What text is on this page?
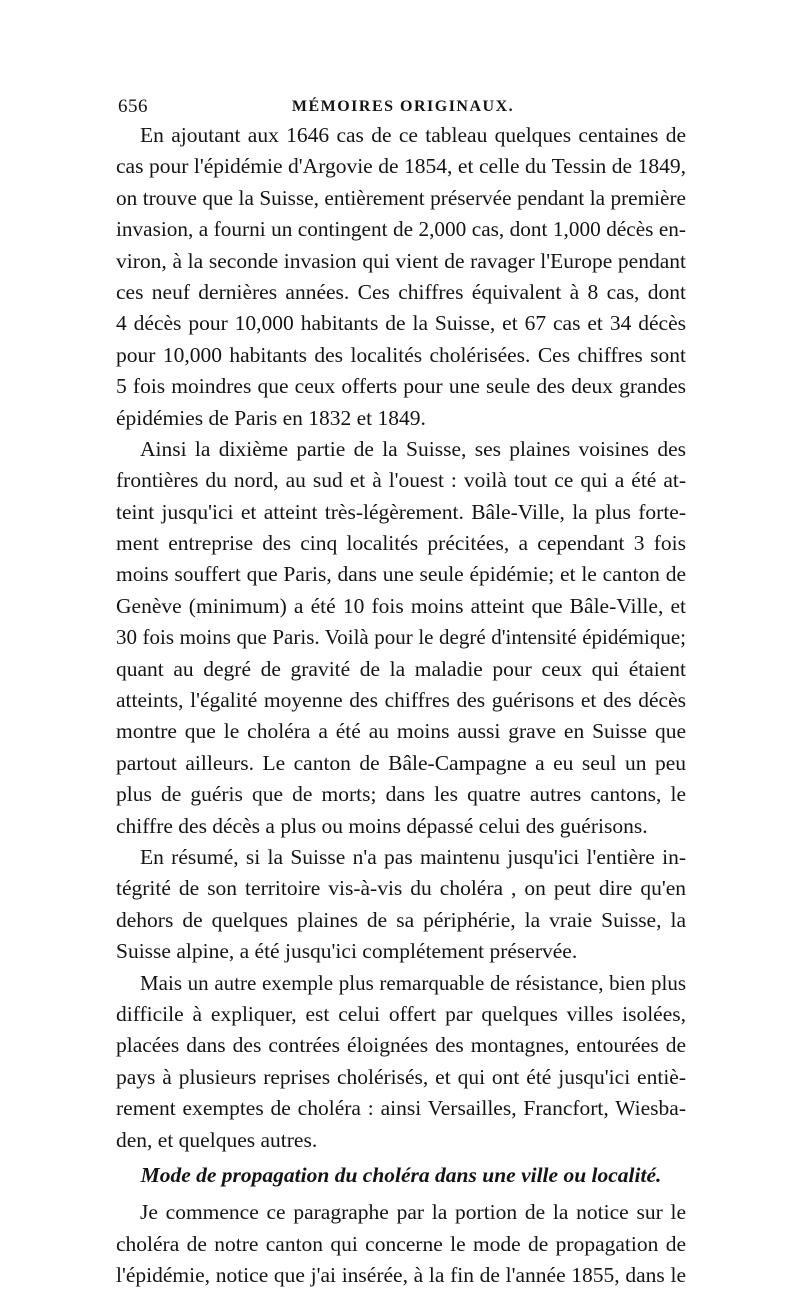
656	MÉMOIRES ORIGINAUX.
En ajoutant aux 1646 cas de ce tableau quelques centaines de
cas pour l'épidémie d'Argovie de 1854, et celle du Tessin de 1849,
on trouve que la Suisse, entièrement préservée pendant la première
invasion, a fourni un contingent de 2,000 cas, dont 1,000 décès en-
viron, à la seconde invasion qui vient de ravager l'Europe pendant
ces neuf dernières années. Ces chiffres équivalent à 8 cas, dont
4 décès pour 10,000 habitants de la Suisse, et 67 cas et 34 décès
pour 10,000 habitants des localités cholérisées. Ces chiffres sont
5 fois moindres que ceux offerts pour une seule des deux grandes
épidémies de Paris en 1832 et 1849.
Ainsi la dixième partie de la Suisse, ses plaines voisines des
frontières du nord, au sud et à l'ouest : voilà tout ce qui a été at-
teint jusqu'ici et atteint très-légèrement. Bâle-Ville, la plus forte-
ment entreprise des cinq localités précitées, a cependant 3 fois
moins souffert que Paris, dans une seule épidémie; et le canton de
Genève (minimum) a été 10 fois moins atteint que Bâle-Ville, et
30 fois moins que Paris. Voilà pour le degré d'intensité épidémique;
quant au degré de gravité de la maladie pour ceux qui étaient
atteints, l'égalité moyenne des chiffres des guérisons et des décès
montre que le choléra a été au moins aussi grave en Suisse que
partout ailleurs. Le canton de Bâle-Campagne a eu seul un peu
plus de guéris que de morts; dans les quatre autres cantons, le
chiffre des décès a plus ou moins dépassé celui des guérisons.
En résumé, si la Suisse n'a pas maintenu jusqu'ici l'entière in-
tégrité de son territoire vis-à-vis du choléra , on peut dire qu'en
dehors de quelques plaines de sa périphérie, la vraie Suisse, la
Suisse alpine, a été jusqu'ici complétement préservée.
Mais un autre exemple plus remarquable de résistance, bien plus
difficile à expliquer, est celui offert par quelques villes isolées,
placées dans des contrées éloignées des montagnes, entourées de
pays à plusieurs reprises cholérisés, et qui ont été jusqu'ici entiè-
rement exemptes de choléra : ainsi Versailles, Francfort, Wiesba-
den, et quelques autres.
Mode de propagation du choléra dans une ville ou localité.
Je commence ce paragraphe par la portion de la notice sur le
choléra de notre canton qui concerne le mode de propagation de
l'épidémie, notice que j'ai insérée, à la fin de l'année 1855, dans le
